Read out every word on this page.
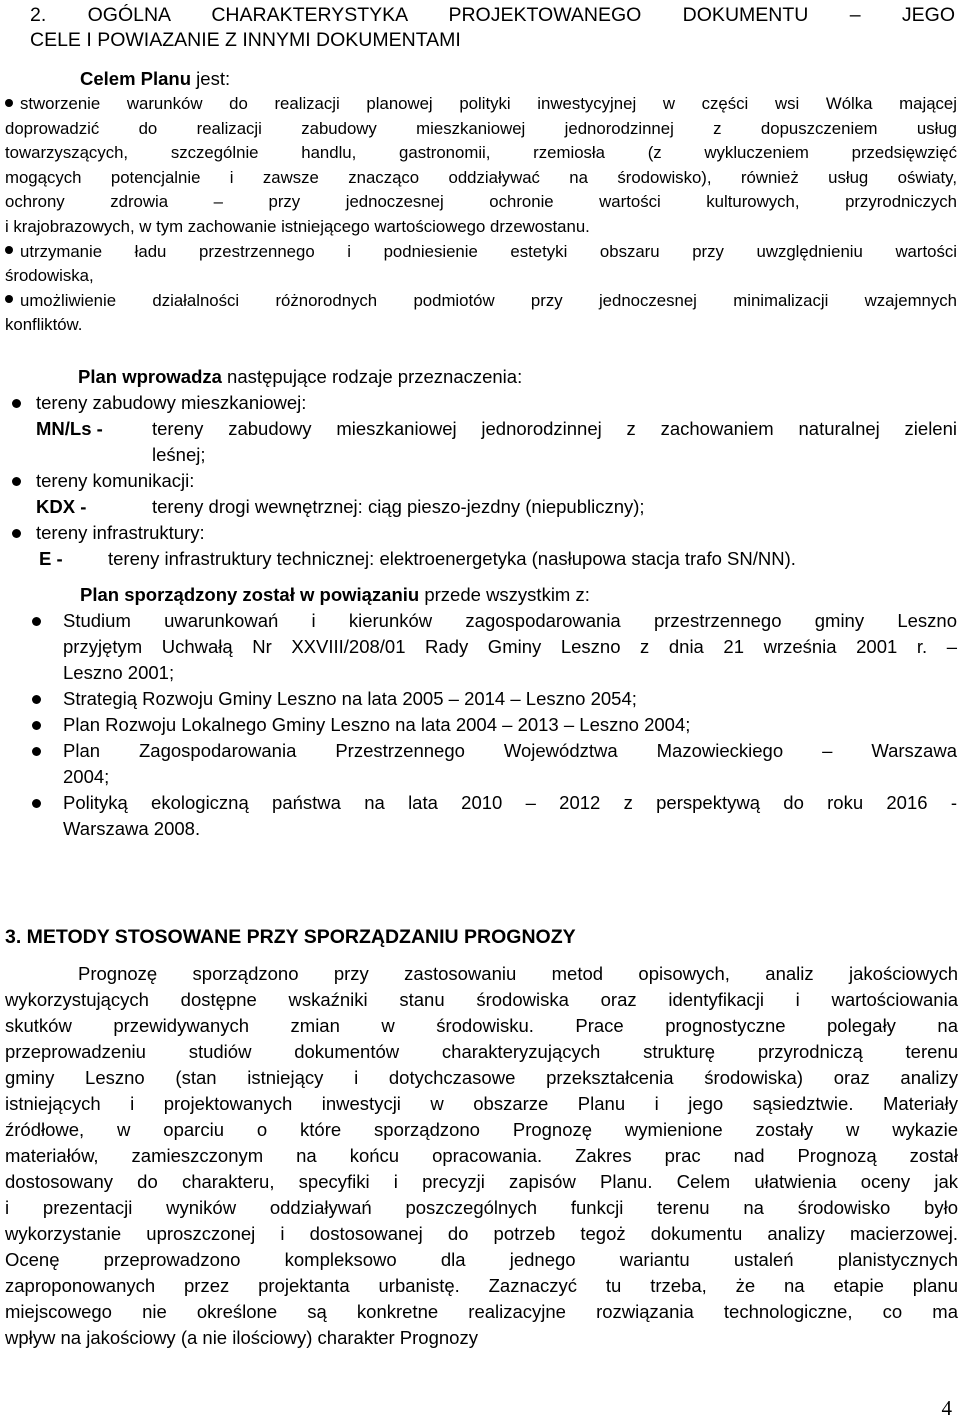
2. OGÓLNA CHARAKTERYSTYKA PROJEKTOWANEGO DOKUMENTU – JEGO
CELE I POWIAZANIE Z INNYMI DOKUMENTAMI
Celem Planu jest:
stworzenie warunków do realizacji planowej polityki inwestycyjnej w części wsi Wólka mającej
doprowadzić do realizacji zabudowy mieszkaniowej jednorodzinnej z dopuszczeniem usług
towarzyszących, szczególnie handlu, gastronomii, rzemiosła (z wykluczeniem przedsięwzięć
mogących potencjalnie i zawsze znacząco oddziaływać na środowisko), również usług oświaty,
ochrony zdrowia – przy jednoczesnej ochronie wartości kulturowych, przyrodniczych
i krajobrazowych, w tym zachowanie istniejącego wartościowego drzewostanu.
utrzymanie ładu przestrzennego i podniesienie estetyki obszaru przy uwzględnieniu wartości
środowiska,
umożliwienie działalności różnorodnych podmiotów przy jednoczesnej minimalizacji wzajemnych
konfliktów.
Plan wprowadza następujące rodzaje przeznaczenia:
tereny zabudowy mieszkaniowej:
MN/Ls -	tereny zabudowy mieszkaniowej jednorodzinnej z zachowaniem naturalnej zieleni
leśnej;
tereny komunikacji:
KDX -	tereny drogi wewnętrznej: ciąg pieszo-jezdny (niepubliczny);
tereny infrastruktury:
E - tereny infrastruktury technicznej: elektroenergetyka (nasłupowa stacja trafo SN/NN).
Plan sporządzony został w powiązaniu przede wszystkim z:
Studium uwarunkowań i kierunków zagospodarowania przestrzennego gminy Leszno
przyjętym Uchwałą Nr XXVIII/208/01 Rady Gminy Leszno z dnia 21 września 2001 r. –
Leszno 2001;
Strategią Rozwoju Gminy Leszno na lata 2005 – 2014 – Leszno 2054;
Plan Rozwoju Lokalnego Gminy Leszno na lata 2004 – 2013 – Leszno 2004;
Plan Zagospodarowania Przestrzennego Województwa Mazowieckiego – Warszawa
2004;
Polityką ekologiczną państwa na lata 2010 – 2012 z perspektywą do roku 2016 -
Warszawa 2008.
3. METODY STOSOWANE PRZY SPORZĄDZANIU PROGNOZY
Prognozę sporządzono przy zastosowaniu metod opisowych, analiz jakościowych
wykorzystujących dostępne wskaźniki stanu środowiska oraz identyfikacji i wartościowania
skutków przewidywanych zmian w środowisku. Prace prognostyczne polegały na
przeprowadzeniu studiów dokumentów charakteryzujących strukturę przyrodniczą terenu
gminy Leszno (stan istniejący i dotychczasowe przekształcenia środowiska) oraz analizy
istniejących i projektowanych inwestycji w obszarze Planu i jego sąsiedztwie. Materiały
źródłowe, w oparciu o które sporządzono Prognozę wymienione zostały w wykazie
materiałów, zamieszczonym na końcu opracowania. Zakres prac nad Prognozą został
dostosowany do charakteru, specyfiki i precyzji zapisów Planu. Celem ułatwienia oceny jak
i prezentacji wyników oddziaływań poszczególnych funkcji terenu na środowisko było
wykorzystanie uproszczonej i dostosowanej do potrzeb tegoż dokumentu analizy macierzowej.
Ocenę przeprowadzono kompleksowo dla jednego wariantu ustaleń planistycznych
zaproponowanych przez projektanta urbanistę. Zaznaczyć tu trzeba, że na etapie planu
miejscowego nie określone są konkretne realizacyjne rozwiązania technologiczne, co ma
wpływ na jakościowy (a nie ilościowy) charakter Prognozy
4
